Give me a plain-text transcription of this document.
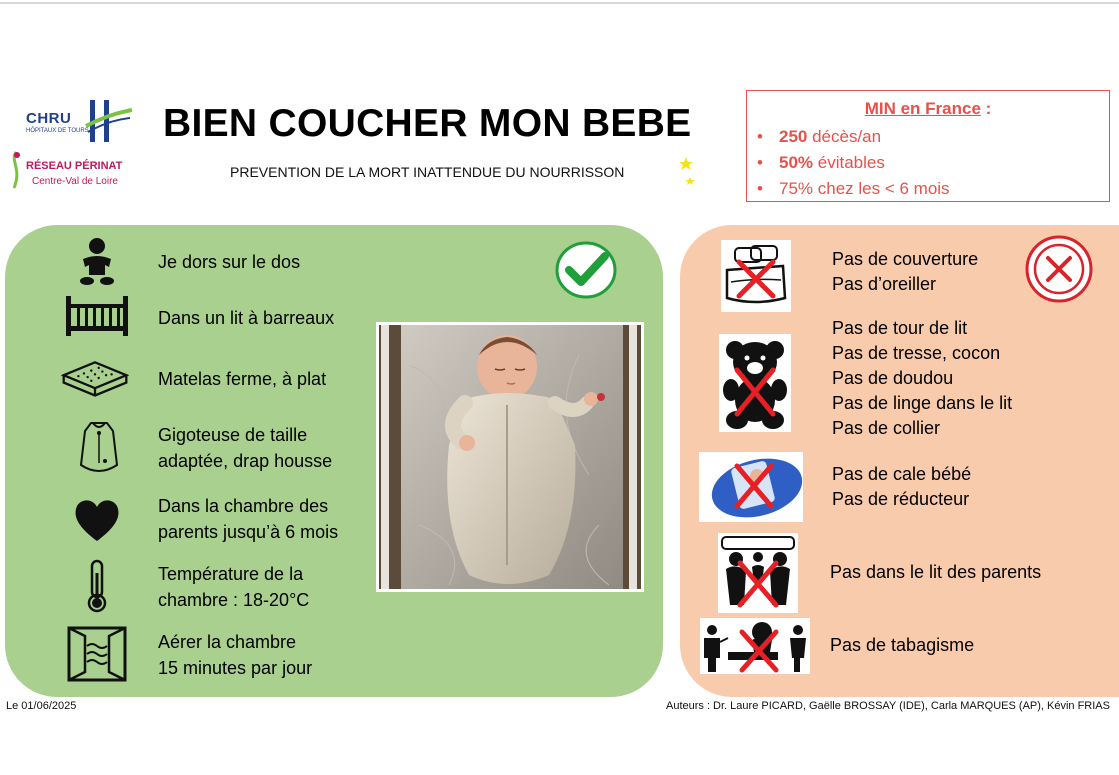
CHRU
HÔPITAUX DE TOURS
RÉSEAU PÉRINAT
Centre-Val de Loire
BIEN COUCHER MON BEBE
PREVENTION DE LA MORT INATTENDUE DU NOURRISSON
MIN en France :
• 250 décès/an
• 50% évitables
• 75% chez les < 6 mois
Je dors sur le dos
Dans un lit à barreaux
Matelas ferme, à plat
Gigoteuse de taille
adaptée, drap housse
Dans la chambre des
parents jusqu’à 6 mois
Température de la
chambre : 18-20°C
Aérer la chambre
15 minutes par jour
Pas de couverture
Pas d’oreiller
Pas de tour de lit
Pas de tresse, cocon
Pas de doudou
Pas de linge dans le lit
Pas de collier
Pas de cale bébé
Pas de réducteur
Pas dans le lit des parents
Pas de tabagisme
Le 01/06/2025	Auteurs : Dr. Laure PICARD, Gaëlle BROSSAY (IDE), Carla MARQUES (AP), Kévin FRIAS
